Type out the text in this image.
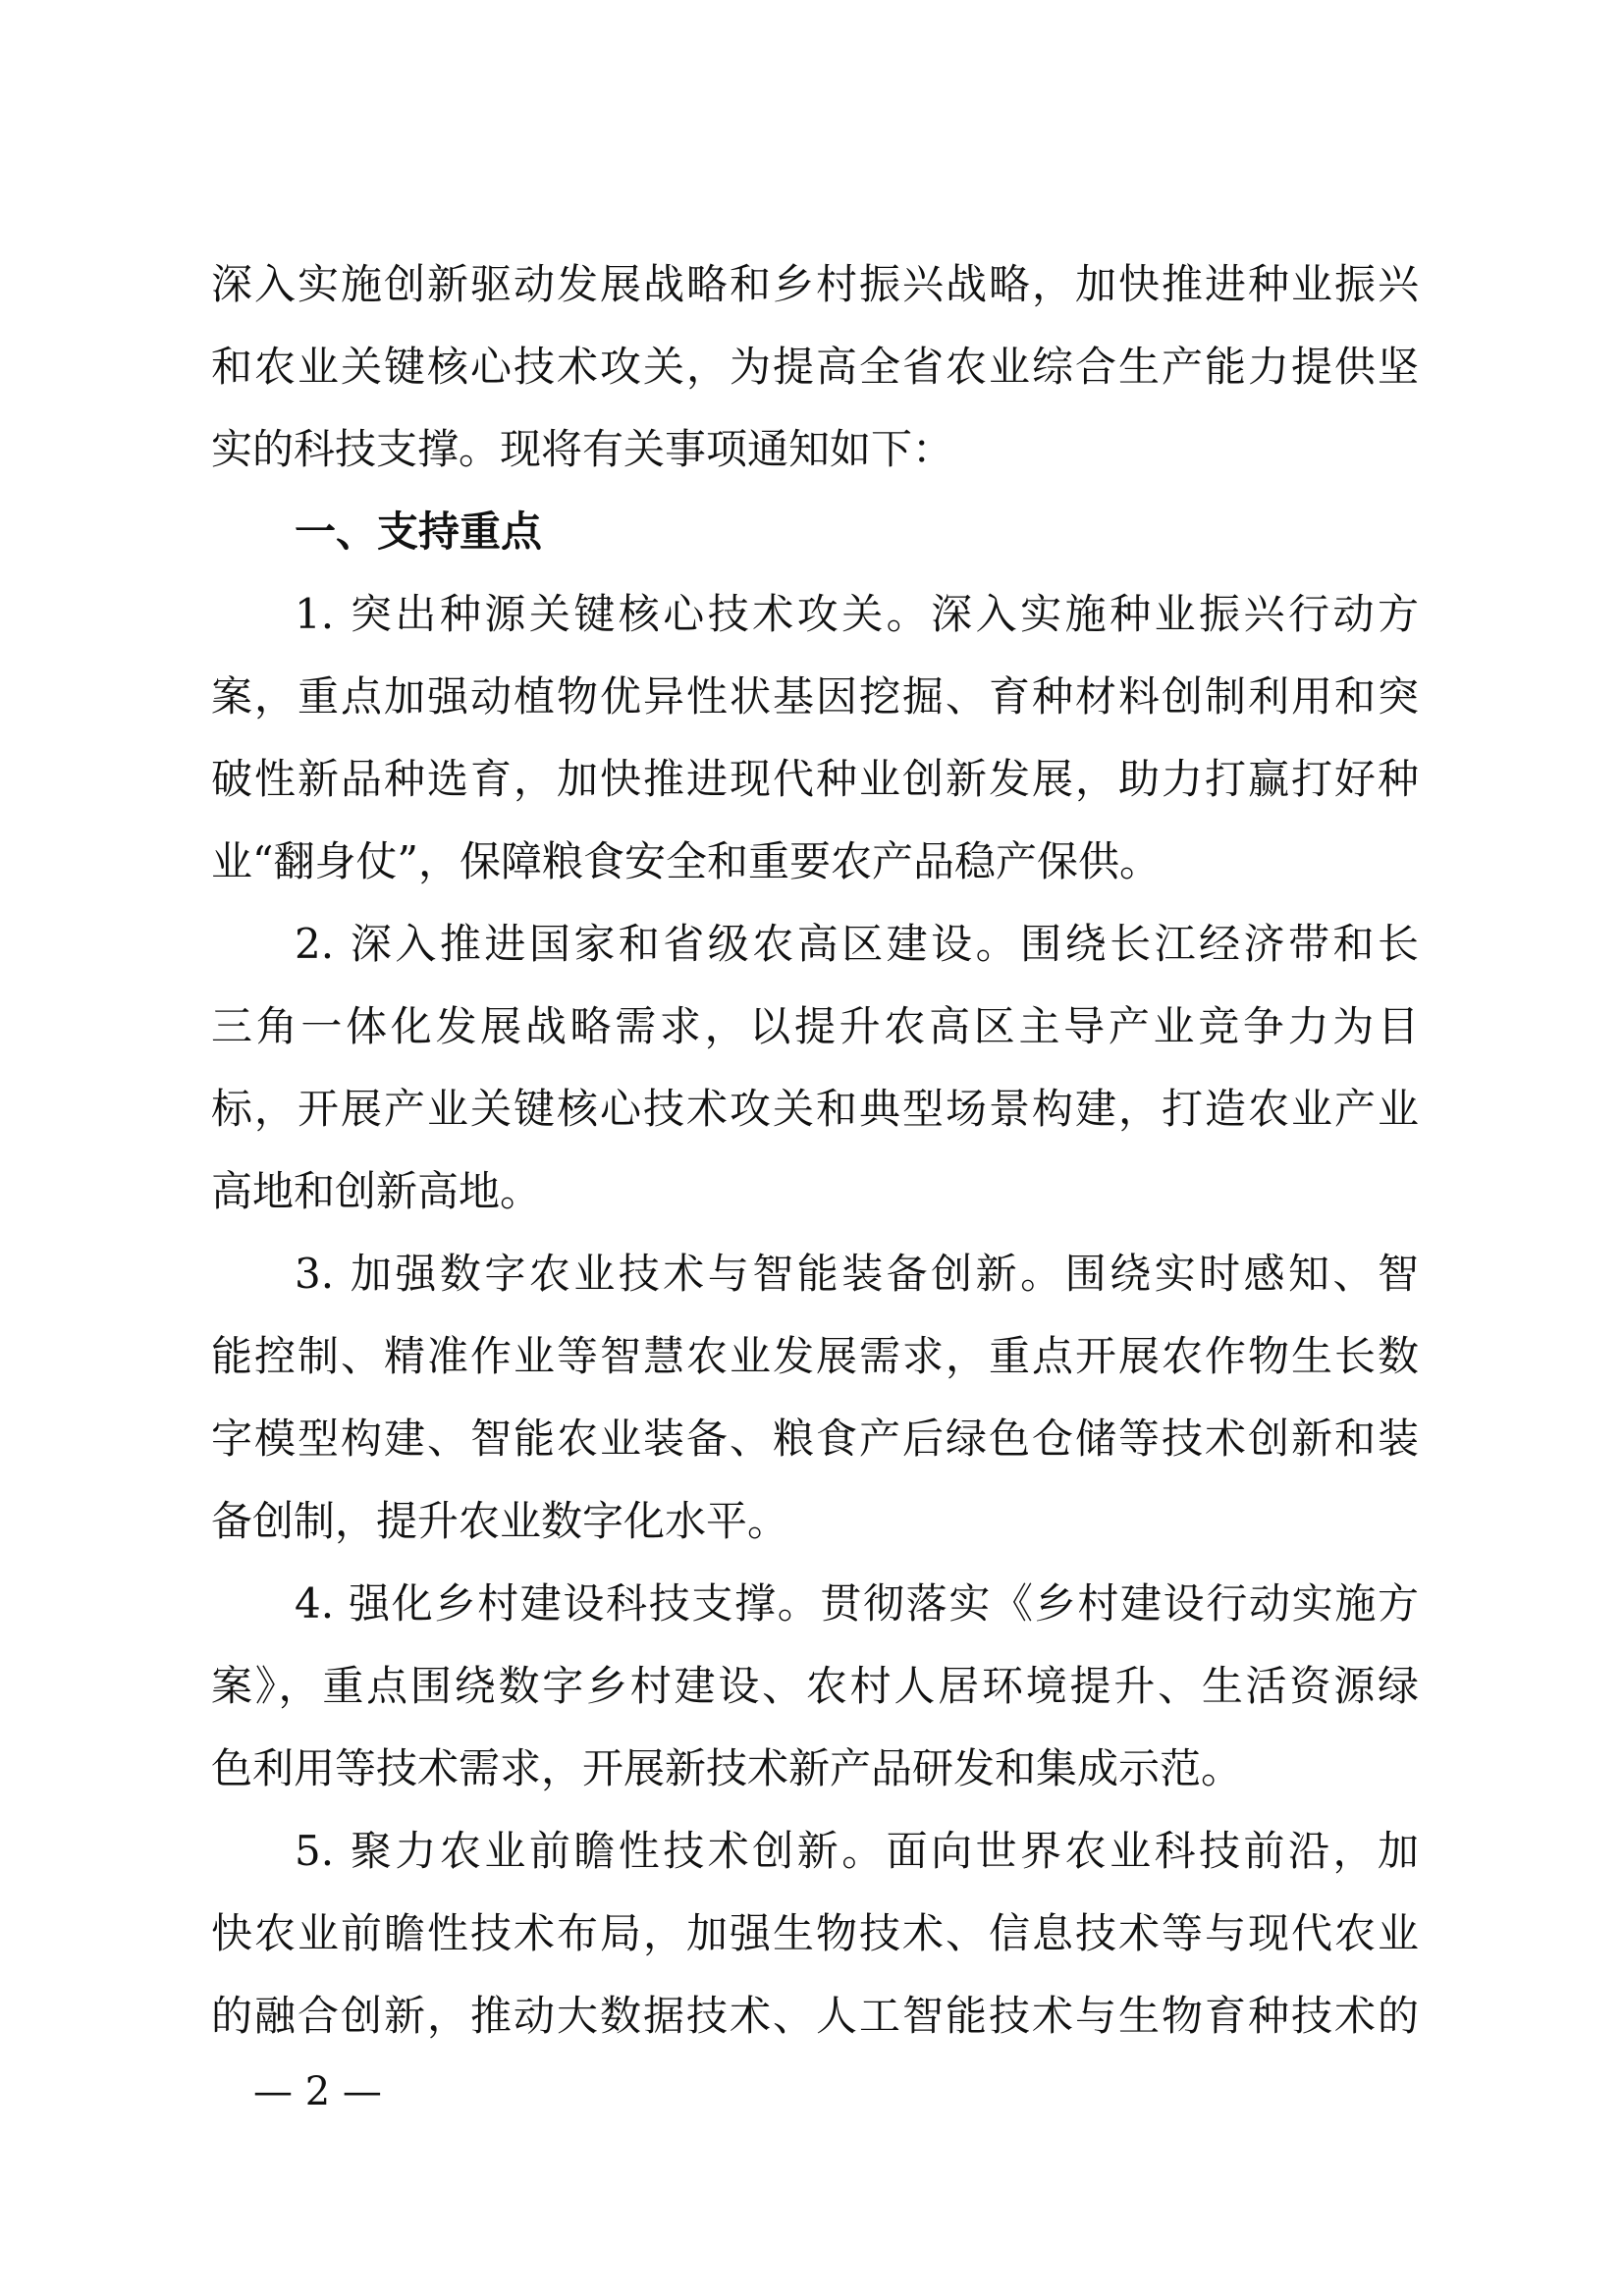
深入实施创新驱动发展战略和乡村振兴战略，加快推进种业振兴
和农业关键核心技术攻关，为提高全省农业综合生产能力提供坚
实的科技支撑。现将有关事项通知如下：
一、支持重点
1. 突出种源关键核心技术攻关。深入实施种业振兴行动方
案，重点加强动植物优异性状基因挖掘、育种材料创制利用和突
破性新品种选育，加快推进现代种业创新发展，助力打赢打好种
业“翻身仗”，保障粮食安全和重要农产品稳产保供。
2. 深入推进国家和省级农高区建设。围绕长江经济带和长
三角一体化发展战略需求，以提升农高区主导产业竞争力为目
标，开展产业关键核心技术攻关和典型场景构建，打造农业产业
高地和创新高地。
3. 加强数字农业技术与智能装备创新。围绕实时感知、智
能控制、精准作业等智慧农业发展需求，重点开展农作物生长数
字模型构建、智能农业装备、粮食产后绿色仓储等技术创新和装
备创制，提升农业数字化水平。
4. 强化乡村建设科技支撑。贯彻落实《乡村建设行动实施方
案》，重点围绕数字乡村建设、农村人居环境提升、生活资源绿
色利用等技术需求，开展新技术新产品研发和集成示范。
5. 聚力农业前瞻性技术创新。面向世界农业科技前沿，加
快农业前瞻性技术布局，加强生物技术、信息技术等与现代农业
— 2 —
的融合创新，推动大数据技术、人工智能技术与生物育种技术的
